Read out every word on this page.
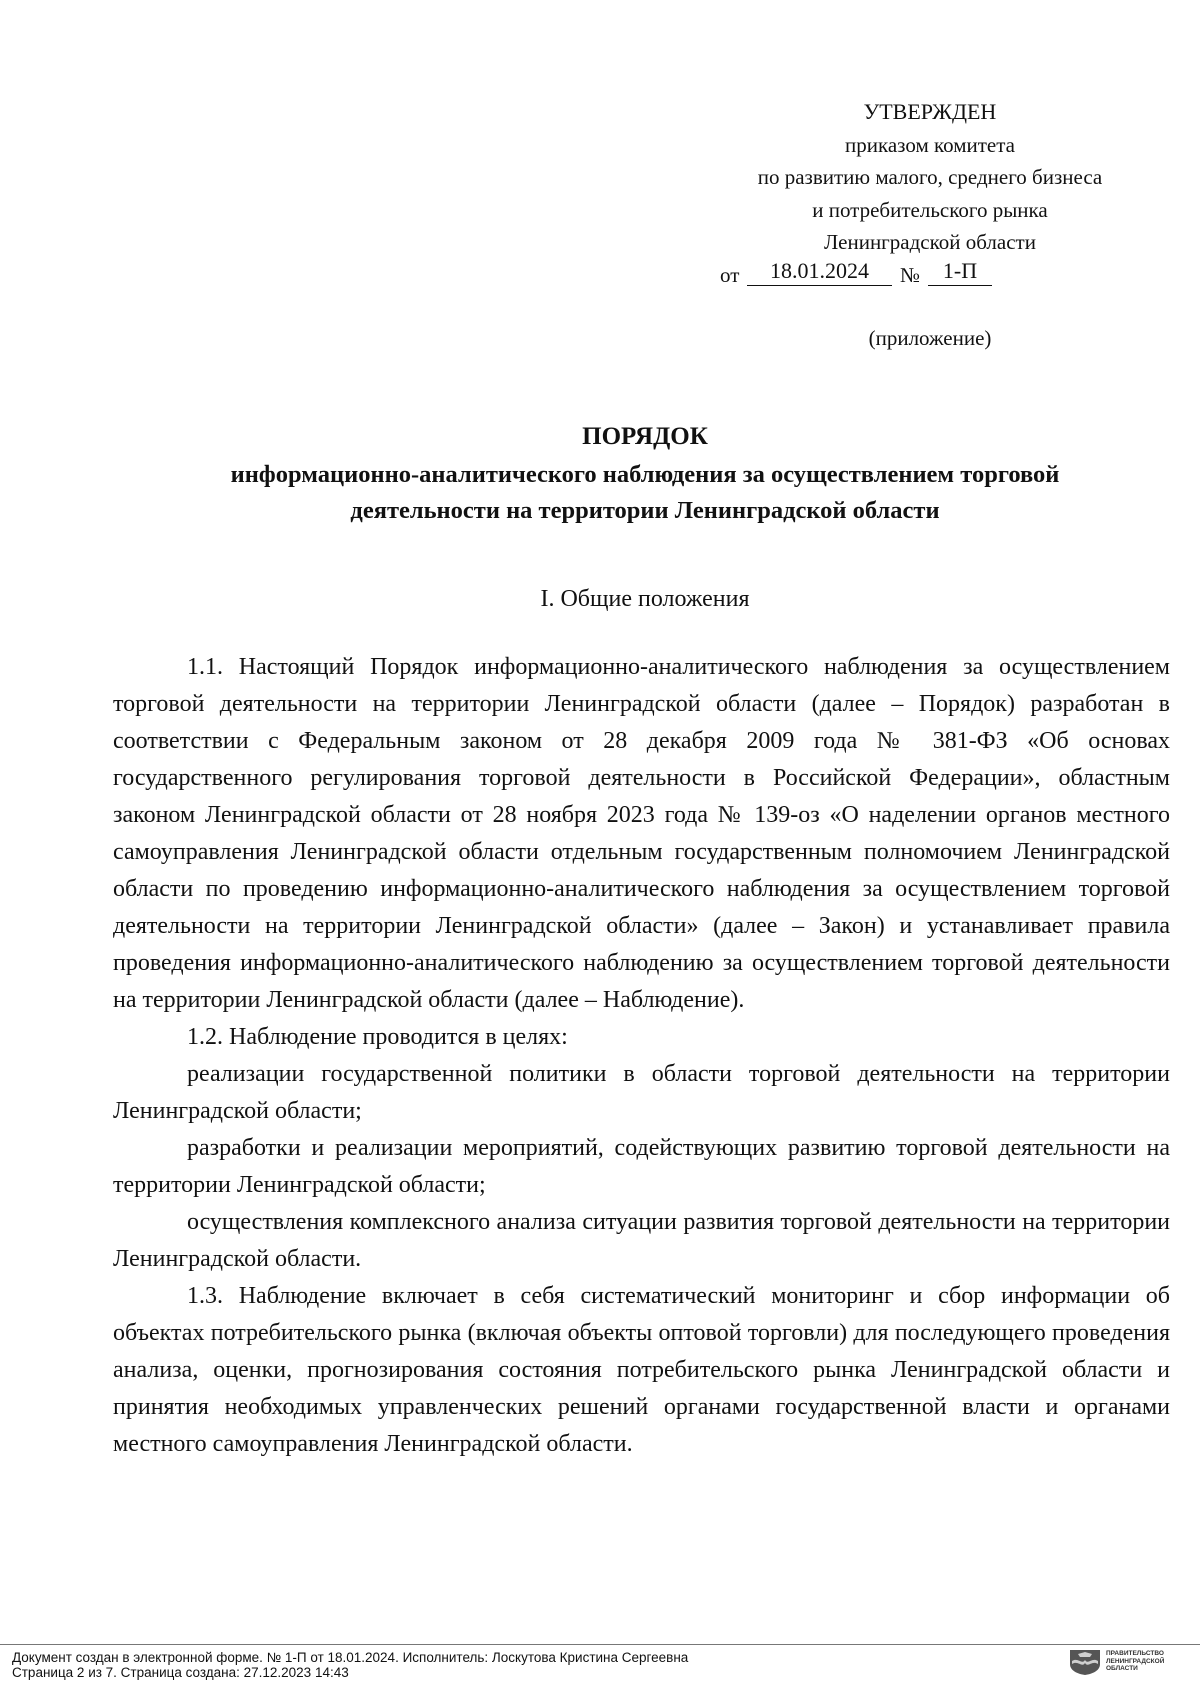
УТВЕРЖДЕН
приказом комитета
по развитию малого, среднего бизнеса
и потребительского рынка
Ленинградской области
от	18.01.2024	№	1-П
(приложение)
ПОРЯДОК
информационно-аналитического наблюдения за осуществлением торговой
деятельности на территории Ленинградской области
I. Общие положения

1.1. Настоящий Порядок информационно-аналитического наблюдения за осуществлением торговой деятельности на территории Ленинградской области (далее – Порядок) разработан в соответствии с Федеральным законом от 28 декабря 2009 года № 381-ФЗ «Об основах государственного регулирования торговой деятельности в Российской Федерации», областным законом Ленинградской области от 28 ноября 2023 года № 139-оз «О наделении органов местного самоуправления Ленинградской области отдельным государственным полномочием Ленинградской области по проведению информационно-аналитического наблюдения за осуществлением торговой деятельности на территории Ленинградской области» (далее – Закон) и устанавливает правила проведения информационно-аналитического наблюдению за осуществлением торговой деятельности на территории Ленинградской области (далее – Наблюдение).

1.2. Наблюдение проводится в целях:

реализации государственной политики в области торговой деятельности на территории Ленинградской области;

разработки и реализации мероприятий, содействующих развитию торговой деятельности на территории Ленинградской области;

осуществления комплексного анализа ситуации развития торговой деятельности на территории Ленинградской области.

1.3. Наблюдение включает в себя систематический мониторинг и сбор информации об объектах потребительского рынка (включая объекты оптовой торговли) для последующего проведения анализа, оценки, прогнозирования состояния потребительского рынка Ленинградской области и принятия необходимых управленческих решений органами государственной власти и органами местного самоуправления Ленинградской области.

Документ создан в электронной форме. № 1-П от 18.01.2024. Исполнитель: Лоскутова Кристина Сергеевна
Страница 2 из 7. Страница создана: 27.12.2023 14:43
ПРАВИТЕЛЬСТВО
ЛЕНИНГРАДСКОЙ
ОБЛАСТИ
